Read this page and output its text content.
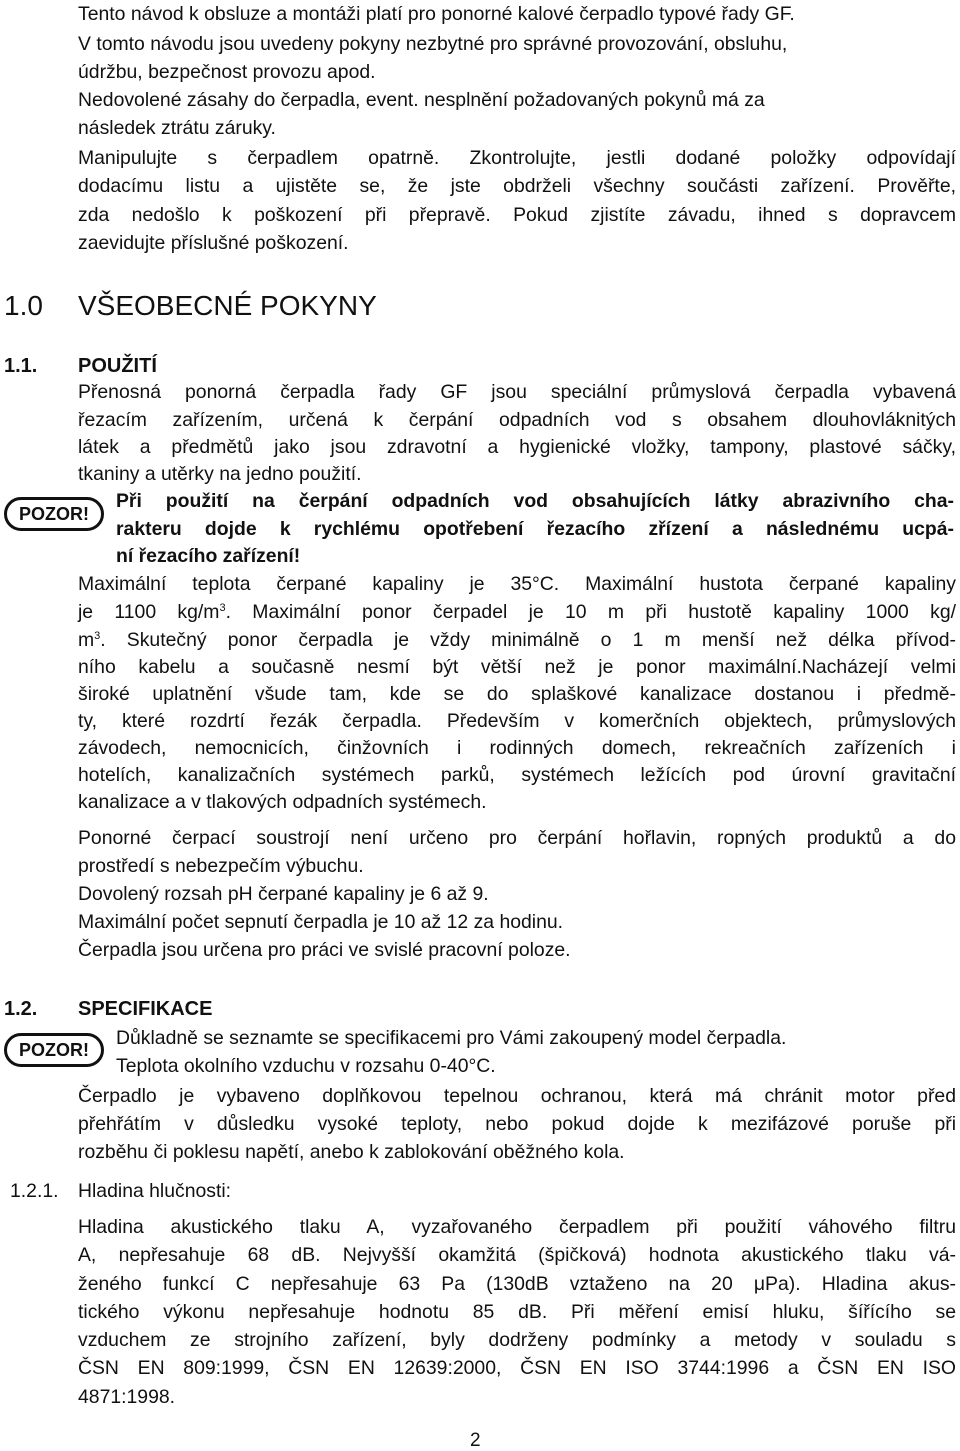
Tento návod k obsluze a montáži platí pro ponorné kalové čerpadlo typové řady GF.
V tomto návodu jsou uvedeny pokyny nezbytné pro správné provozování, obsluhu,
údržbu, bezpečnost provozu apod.
Nedovolené zásahy do čerpadla, event. nesplnění požadovaných pokynů má za
následek ztrátu záruky.
Manipulujte s čerpadlem opatrně. Zkontrolujte, jestli dodané položky odpovídají
dodacímu listu a ujistěte se, že jste obdrželi všechny součásti zařízení. Prověřte,
zda nedošlo k poškození při přepravě. Pokud zjistíte závadu, ihned s dopravcem
zaevidujte příslušné poškození.
1.0 VŠEOBECNÉ POKYNY
1.1. POUŽITÍ
Přenosná ponorná čerpadla řady GF jsou speciální průmyslová čerpadla vybavená
řezacím zařízením, určená k čerpání odpadních vod s obsahem dlouhovláknitých
látek a předmětů jako jsou zdravotní a hygienické vložky, tampony, plastové sáčky,
tkaniny a utěrky na jedno použití.
POZOR!
Při použití na čerpání odpadních vod obsahujících látky abrazivního cha-
rakteru dojde k rychlému opotřebení řezacího zřízení a následnému ucpá-
ní řezacího zařízení!
Maximální teplota čerpané kapaliny je 35°C. Maximální hustota čerpané kapaliny
je 1100 $kg/m^3$. Maximální ponor čerpadel je 10 m při hustotě kapaliny 1000 kg/
$m^3$. Skutečný ponor čerpadla je vždy minimálně o 1 m menší než délka přívod-
ního kabelu a současně nesmí být větší než je ponor maximální.Nacházejí velmi
široké uplatnění všude tam, kde se do splaškové kanalizace dostanou i předmě-
ty, které rozdrtí řezák čerpadla. Především v komerčních objektech, průmyslových
závodech, nemocnicích, činžovních i rodinných domech, rekreačních zařízeních i
hotelích, kanalizačních systémech parků, systémech ležících pod úrovní gravitační
kanalizace a v tlakových odpadních systémech.
Ponorné čerpací soustrojí není určeno pro čerpání hořlavin, ropných produktů a do
prostředí s nebezpečím výbuchu.
Dovolený rozsah pH čerpané kapaliny je 6 až 9.
Maximální počet sepnutí čerpadla je 10 až 12 za hodinu.
Čerpadla jsou určena pro práci ve svislé pracovní poloze.
1.2. SPECIFIKACE
POZOR!
Důkladně se seznamte se specifikacemi pro Vámi zakoupený model čerpadla.
Teplota okolního vzduchu v rozsahu 0-40°C.
Čerpadlo je vybaveno doplňkovou tepelnou ochranou, která má chránit motor před
přehřátím v důsledku vysoké teploty, nebo pokud dojde k mezifázové poruše při
rozběhu či poklesu napětí, anebo k zablokování oběžného kola.
1.2.1. Hladina hlučnosti:
Hladina akustického tlaku A, vyzařovaného čerpadlem při použití váhového filtru
A, nepřesahuje 68 dB. Nejvyšší okamžitá (špičková) hodnota akustického tlaku vá-
ženého funkcí C nepřesahuje 63 Pa (130dB vztaženo na 20 μPa). Hladina akus-
tického výkonu nepřesahuje hodnotu 85 dB. Při měření emisí hluku, šířícího se
vzduchem ze strojního zařízení, byly dodrženy podmínky a metody v souladu s
ČSN EN 809:1999, ČSN EN 12639:2000, ČSN EN ISO 3744:1996 a ČSN EN ISO
4871:1998.
2
